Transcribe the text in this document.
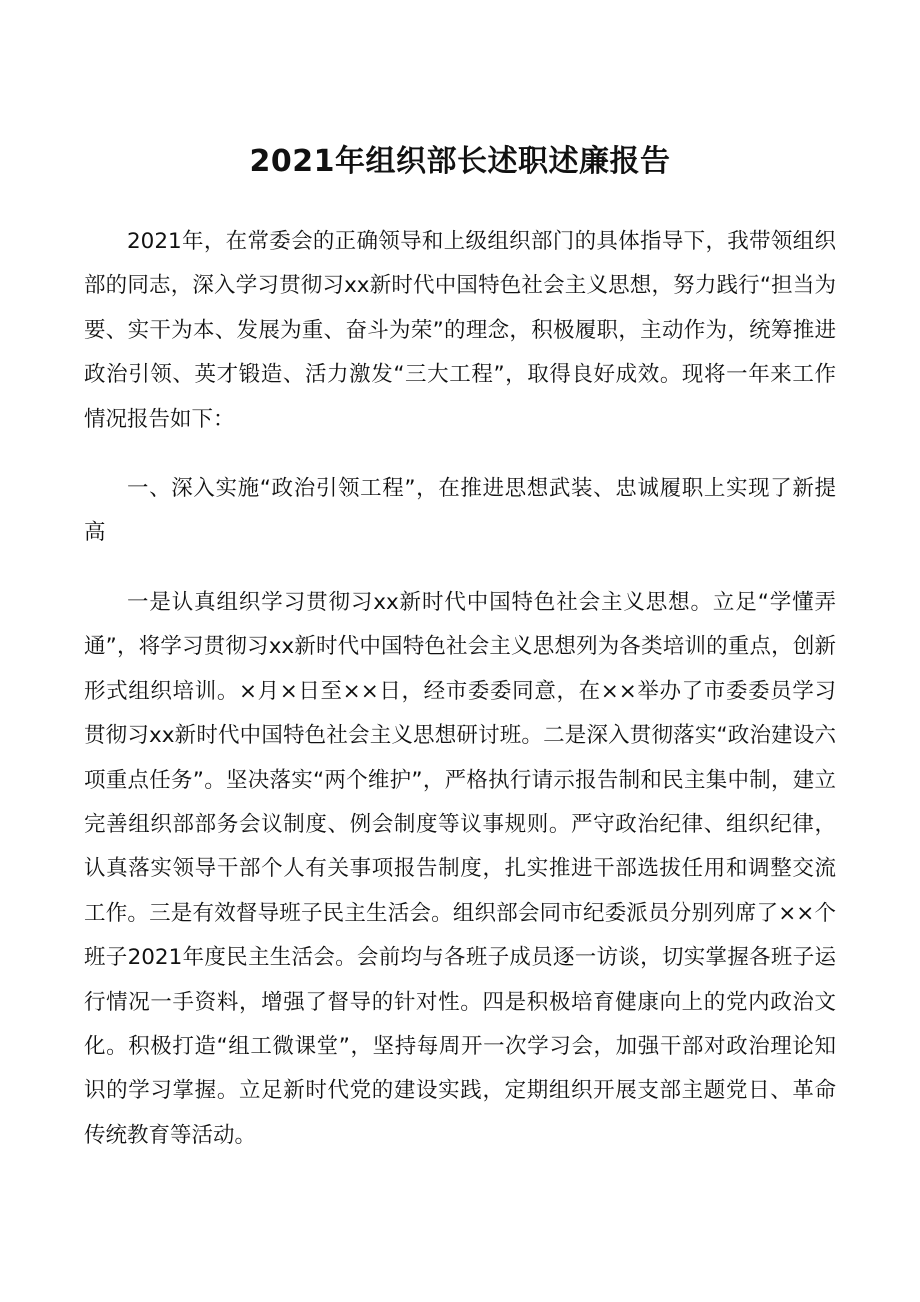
2021年组织部长述职述廉报告

2021年，在常委会的正确领导和上级组织部门的具体指导下，我带领组织部的同志，深入学习贯彻习xx新时代中国特色社会主义思想，努力践行“担当为要、实干为本、发展为重、奋斗为荣”的理念，积极履职，主动作为，统筹推进政治引领、英才锻造、活力激发“三大工程”，取得良好成效。现将一年来工作情况报告如下：

一、深入实施“政治引领工程”，在推进思想武装、忠诚履职上实现了新提高

一是认真组织学习贯彻习xx新时代中国特色社会主义思想。立足“学懂弄通”，将学习贯彻习xx新时代中国特色社会主义思想列为各类培训的重点，创新形式组织培训。×月×日至××日，经市委委同意，在××举办了市委委员学习贯彻习xx新时代中国特色社会主义思想研讨班。二是深入贯彻落实“政治建设六项重点任务”。坚决落实“两个维护”，严格执行请示报告制和民主集中制，建立完善组织部部务会议制度、例会制度等议事规则。严守政治纪律、组织纪律，认真落实领导干部个人有关事项报告制度，扎实推进干部选拔任用和调整交流工作。三是有效督导班子民主生活会。组织部会同市纪委派员分别列席了××个班子2021年度民主生活会。会前均与各班子成员逐一访谈，切实掌握各班子运行情况一手资料，增强了督导的针对性。四是积极培育健康向上的党内政治文化。积极打造“组工微课堂”，坚持每周开一次学习会，加强干部对政治理论知识的学习掌握。立足新时代党的建设实践，定期组织开展支部主题党日、革命传统教育等活动。
